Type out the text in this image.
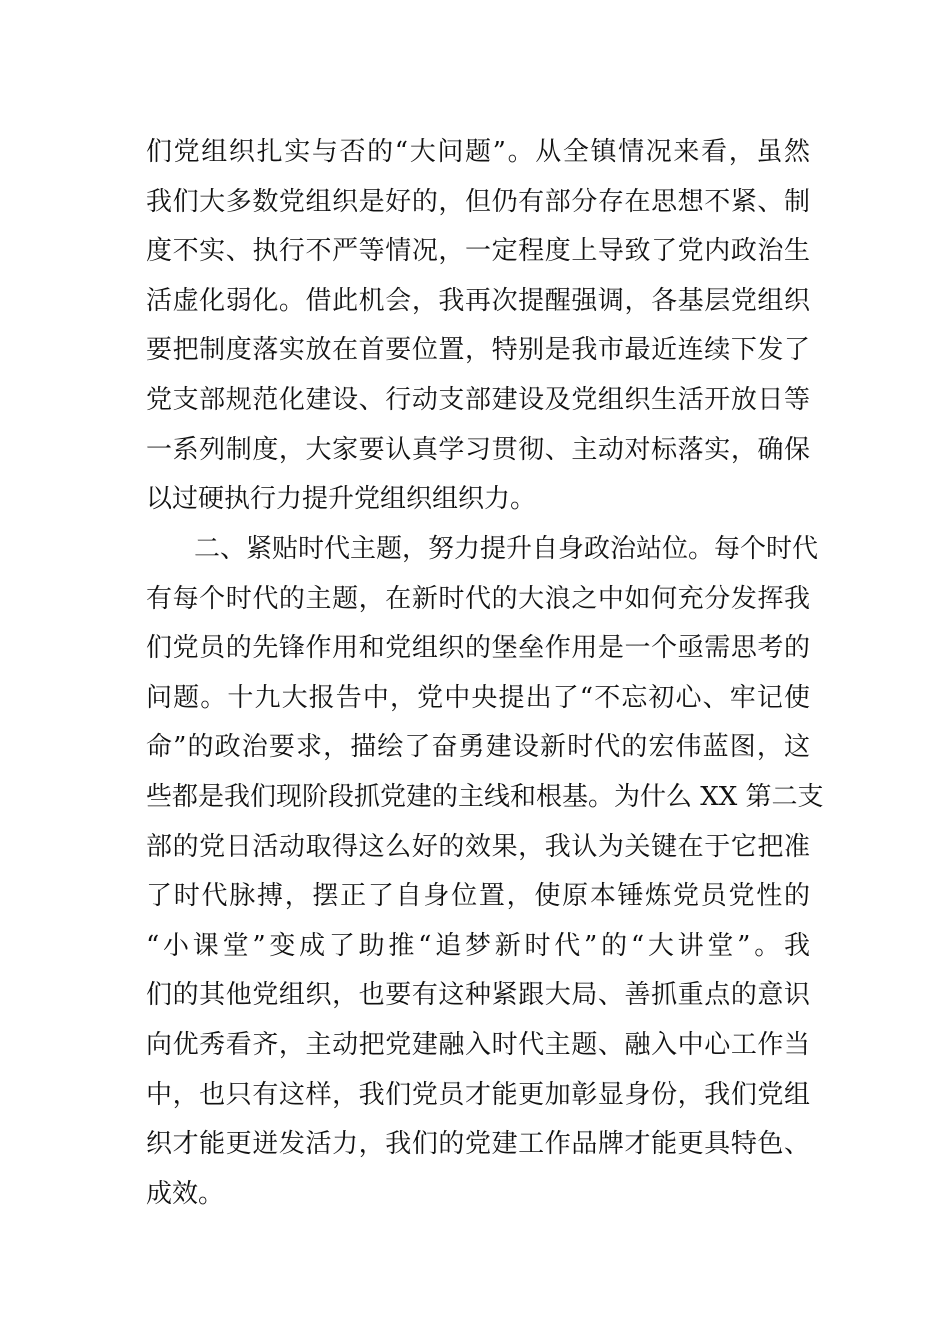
们党组织扎实与否的“大问题”。从全镇情况来看，虽然
我们大多数党组织是好的，但仍有部分存在思想不紧、制
度不实、执行不严等情况，一定程度上导致了党内政治生
活虚化弱化。借此机会，我再次提醒强调，各基层党组织
要把制度落实放在首要位置，特别是我市最近连续下发了
党支部规范化建设、行动支部建设及党组织生活开放日等
一系列制度，大家要认真学习贯彻、主动对标落实，确保
以过硬执行力提升党组织组织力。
二、紧贴时代主题，努力提升自身政治站位。每个时代
有每个时代的主题，在新时代的大浪之中如何充分发挥我
们党员的先锋作用和党组织的堡垒作用是一个亟需思考的
问题。十九大报告中，党中央提出了“不忘初心、牢记使
命”的政治要求，描绘了奋勇建设新时代的宏伟蓝图，这
些都是我们现阶段抓党建的主线和根基。为什么 XX 第二支
部的党日活动取得这么好的效果，我认为关键在于它把准
了时代脉搏，摆正了自身位置，使原本锤炼党员党性的
“小课堂”变成了助推“追梦新时代”的“大讲堂”。我
们的其他党组织，也要有这种紧跟大局、善抓重点的意识
向优秀看齐，主动把党建融入时代主题、融入中心工作当
中，也只有这样，我们党员才能更加彰显身份，我们党组
织才能更迸发活力，我们的党建工作品牌才能更具特色、
成效。
